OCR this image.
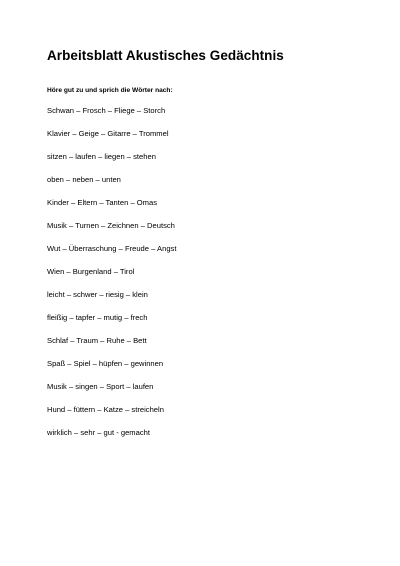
Arbeitsblatt Akustisches Gedächtnis
Höre gut zu und sprich die Wörter nach:
Schwan – Frosch – Fliege – Storch
Klavier – Geige – Gitarre – Trommel
sitzen – laufen – liegen – stehen
oben – neben – unten
Kinder – Eltern – Tanten – Omas
Musik – Turnen – Zeichnen – Deutsch
Wut – Überraschung – Freude – Angst
Wien – Burgenland – Tirol
leicht – schwer – riesig – klein
fleißig – tapfer – mutig – frech
Schlaf – Traum – Ruhe – Bett
Spaß – Spiel – hüpfen – gewinnen
Musik – singen – Sport – laufen
Hund – füttern – Katze – streicheln
wirklich – sehr – gut - gemacht
